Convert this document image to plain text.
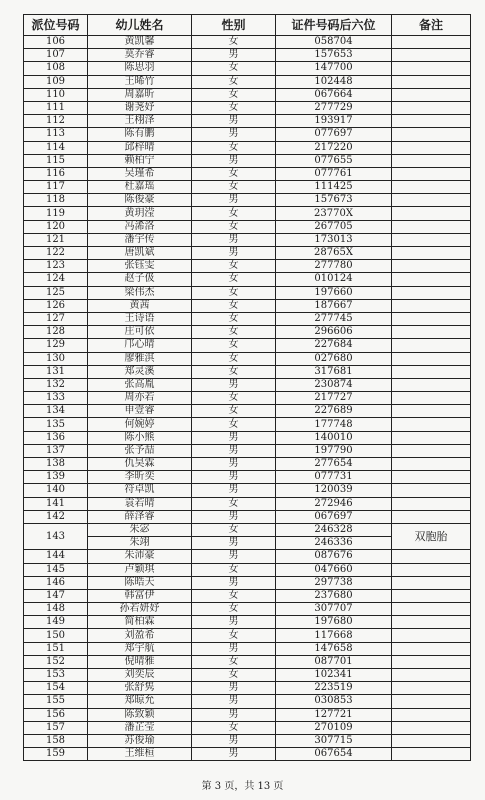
派位号码	幼儿姓名	性别	证件号码后六位	备注
106	黄凯馨	女	058704	
107	莫乔睿	男	157653	
108	陈思羽	女	147700	
109	王晞竹	女	102448	
110	周嘉昕	女	067664	
111	谢荛妤	女	277729	
112	王栩泽	男	193917	
113	陈有鹏	男	077697	
114	邱梓晴	女	217220	
115	赖柏宁	男	077655	
116	吴瑾希	女	077761	
117	杜嘉瑶	女	111425	
118	陈俊豪	男	157673	
119	黄玥滢	女	23770X	
120	冯浠洛	女	267705	
121	潘宇传	男	173013	
122	唐凯斌	男	28765X	
123	张钰雯	女	277780	
124	赵子伋	女	010124	
125	梁伟杰	女	197660	
126	黄茜	女	187667	
127	王诗语	女	277745	
128	庄可依	女	296606	
129	邝心晴	女	227684	
130	廖雅淇	女	027680	
131	郑灵溪	女	317681	
132	张高胤	男	230874	
133	周亦若	女	217727	
134	申壹睿	女	227689	
135	何婉婷	女	177748	
136	陈小熊	男	140010	
137	张予喆	男	197790	
138	仇昊霖	男	277654	
139	李昕奕	男	077731	
140	符卓凯	男	120039	
141	袁若晴	女	272946	
142	薛泽睿	男	067697	
143	朱宓	女	246328	双胞胎
	朱翊	男	246336	
144	朱沛豪	男	087676	
145	卢颖琪	女	047660	
146	陈晧天	男	297738	
147	韩富伊	女	237680	
148	孙若妍妤	女	307707	
149	简柏霖	男	197680	
150	刘盈希	女	117668	
151	郑宇航	男	147658	
152	倪晴雅	女	087701	
153	刘奕辰	女	102341	
154	张舒隽	男	223519	
155	郑晾允	男	030853	
156	陈致颖	男	127721	
157	潘芷莹	女	270109	
158	苏俊瑜	男	307715	
159	王维桓	男	067654	
第 3 页，共 13 页
